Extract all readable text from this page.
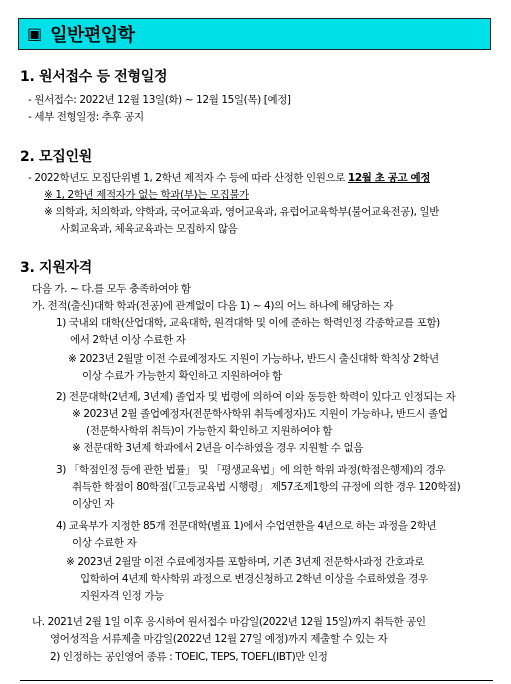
▣ 일반편입학
1. 원서접수 등 전형일정
- 원서접수: 2022년 12월 13일(화) ~ 12월 15일(목) [예정]
- 세부 전형일정: 추후 공지
2. 모집인원
- 2022학년도 모집단위별 1, 2학년 제적자 수 등에 따라 산정한 인원으로 12월 초 공고 예정
※ 1, 2학년 제적자가 없는 학과(부)는 모집불가
※ 의학과, 치의학과, 약학과, 국어교육과, 영어교육과, 유럽어교육학부(불어교육전공), 일반
사회교육과, 체육교육과는 모집하지 않음
3. 지원자격
다음 가. ~ 다.를 모두 충족하여야 함
가. 전적(출신)대학 학과(전공)에 관계없이 다음 1) ~ 4)의 어느 하나에 해당하는 자
1) 국내외 대학(산업대학, 교육대학, 원격대학 및 이에 준하는 학력인정 각종학교를 포함)
에서 2학년 이상 수료한 자
※ 2023년 2월말 이전 수료예정자도 지원이 가능하나, 반드시 출신대학 학칙상 2학년
이상 수료가 가능한지 확인하고 지원하여야 함
2) 전문대학(2년제, 3년제) 졸업자 및 법령에 의하여 이와 동등한 학력이 있다고 인정되는 자
※ 2023년 2월 졸업예정자(전문학사학위 취득예정자)도 지원이 가능하나, 반드시 졸업
(전문학사학위 취득)이 가능한지 확인하고 지원하여야 함
※ 전문대학 3년제 학과에서 2년을 이수하였을 경우 지원할 수 없음
3) 「학점인정 등에 관한 법률」 및 「평생교육법」에 의한 학위 과정(학점은행제)의 경우
취득한 학점이 80학점(「고등교육법 시행령」 제57조제1항의 규정에 의한 경우 120학점)
이상인 자
4) 교육부가 지정한 85개 전문대학(별표 1)에서 수업연한을 4년으로 하는 과정을 2학년
이상 수료한 자
※ 2023년 2월말 이전 수료예정자를 포함하며, 기존 3년제 전문학사과정 간호과로
입학하여 4년제 학사학위 과정으로 변경신청하고 2학년 이상을 수료하였을 경우
지원자격 인정 가능
나. 2021년 2월 1일 이후 응시하여 원서접수 마감일(2022년 12월 15일)까지 취득한 공인
영어성적을 서류제출 마감일(2022년 12월 27일 예정)까지 제출할 수 있는 자
2) 인정하는 공인영어 종류 : TOEIC, TEPS, TOEFL(IBT)만 인정
